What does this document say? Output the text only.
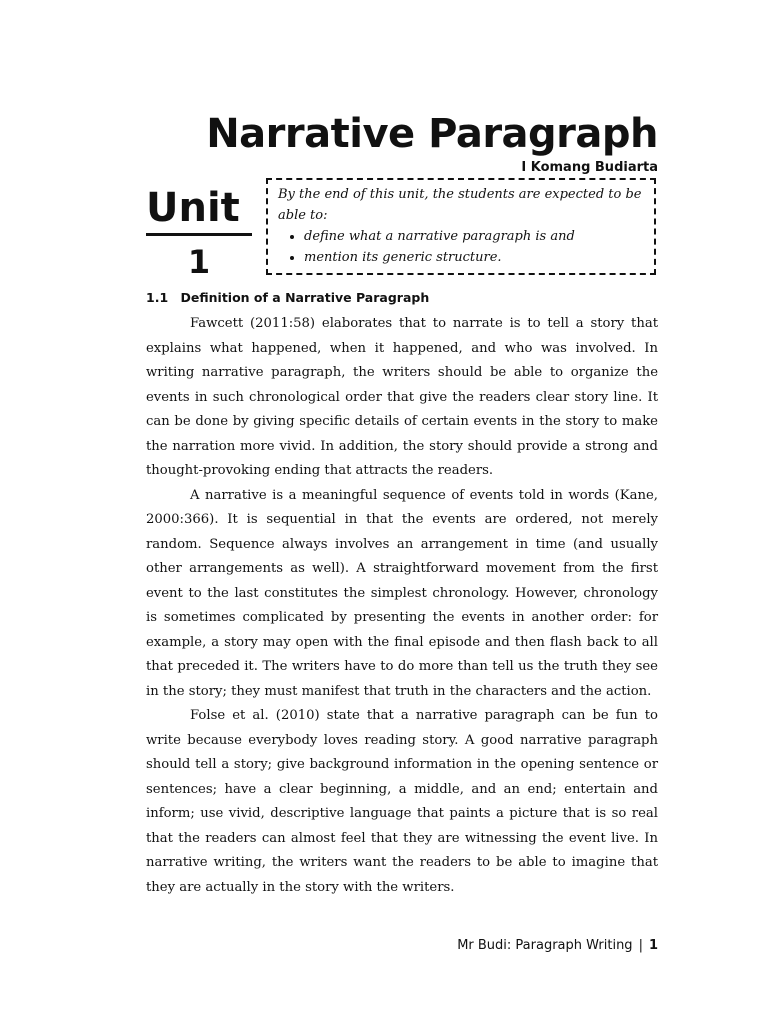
Narrative Paragraph
I Komang Budiarta
Unit
1
By the end of this unit, the students are expected to be able to:
• define what a narrative paragraph is and
• mention its generic structure.
1.1 Definition of a Narrative Paragraph

Fawcett (2011:58) elaborates that to narrate is to tell a story that explains what happened, when it happened, and who was involved. In writing narrative paragraph, the writers should be able to organize the events in such chronological order that give the readers clear story line. It can be done by giving specific details of certain events in the story to make the narration more vivid. In addition, the story should provide a strong and thought-provoking ending that attracts the readers.

A narrative is a meaningful sequence of events told in words (Kane, 2000:366). It is sequential in that the events are ordered, not merely random. Sequence always involves an arrangement in time (and usually other arrangements as well). A straightforward movement from the first event to the last constitutes the simplest chronology. However, chronology is sometimes complicated by presenting the events in another order: for example, a story may open with the final episode and then flash back to all that preceded it. The writers have to do more than tell us the truth they see in the story; they must manifest that truth in the characters and the action.

Folse et al. (2010) state that a narrative paragraph can be fun to write because everybody loves reading story. A good narrative paragraph should tell a story; give background information in the opening sentence or sentences; have a clear beginning, a middle, and an end; entertain and inform; use vivid, descriptive language that paints a picture that is so real that the readers can almost feel that they are witnessing the event live. In narrative writing, the writers want the readers to be able to imagine that they are actually in the story with the writers.

Mr Budi: Paragraph Writing | 1
